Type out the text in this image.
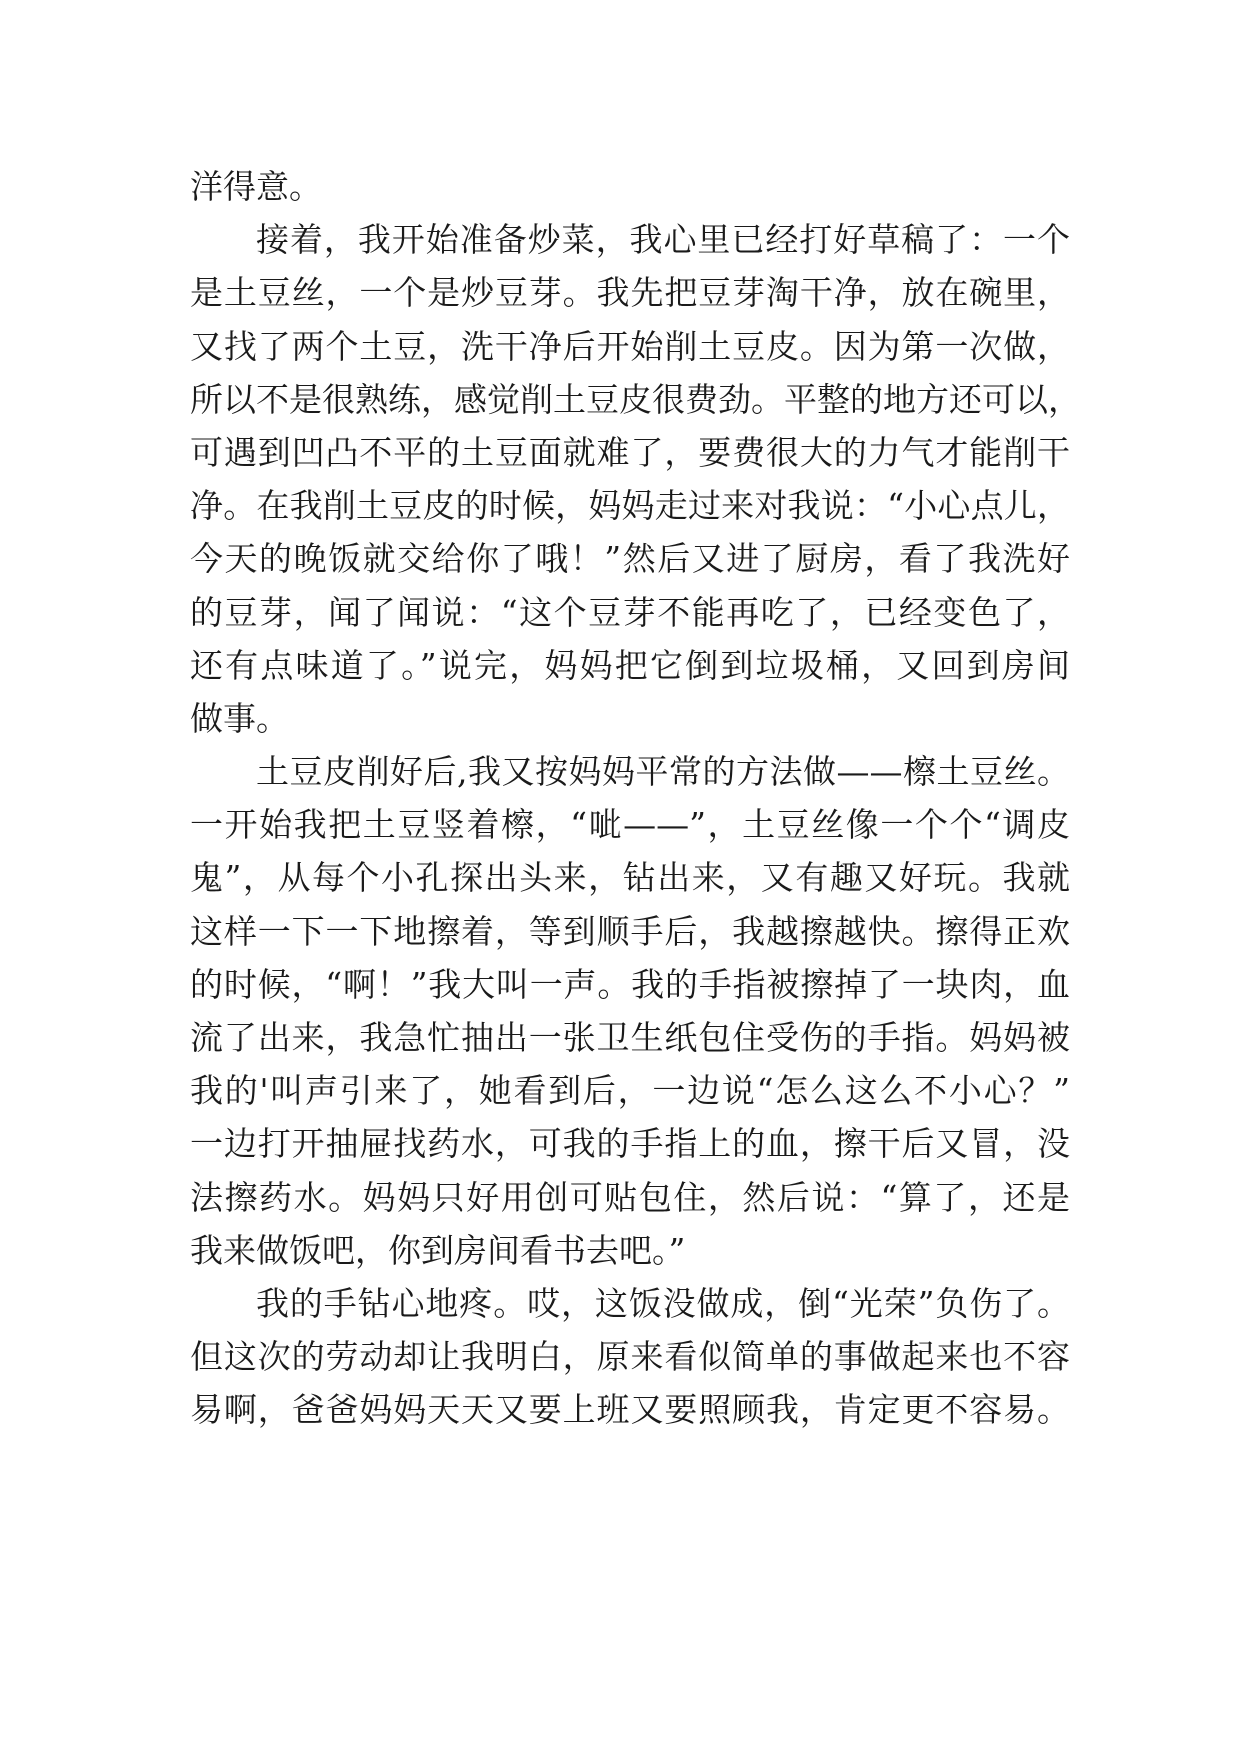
洋得意。
接着，我开始准备炒菜，我心里已经打好草稿了：一个
是土豆丝，一个是炒豆芽。我先把豆芽淘干净，放在碗里，
又找了两个土豆，洗干净后开始削土豆皮。因为第一次做，
所以不是很熟练，感觉削土豆皮很费劲。平整的地方还可以，
可遇到凹凸不平的土豆面就难了，要费很大的力气才能削干
净。在我削土豆皮的时候，妈妈走过来对我说：“小心点儿，
今天的晚饭就交给你了哦！”然后又进了厨房，看了我洗好
的豆芽，闻了闻说：“这个豆芽不能再吃了，已经变色了，
还有点味道了。”说完，妈妈把它倒到垃圾桶，又回到房间
做事。
土豆皮削好后,我又按妈妈平常的方法做——檫土豆丝。
一开始我把土豆竖着檫，“呲——”，土豆丝像一个个“调皮
鬼”，从每个小孔探出头来，钻出来，又有趣又好玩。我就
这样一下一下地擦着，等到顺手后，我越擦越快。擦得正欢
的时候，“啊！”我大叫一声。我的手指被擦掉了一块肉，血
流了出来，我急忙抽出一张卫生纸包住受伤的手指。妈妈被
我的'叫声引来了，她看到后，一边说“怎么这么不小心？”
一边打开抽屉找药水，可我的手指上的血，擦干后又冒，没
法擦药水。妈妈只好用创可贴包住，然后说：“算了，还是
我来做饭吧，你到房间看书去吧。”
我的手钻心地疼。哎，这饭没做成，倒“光荣”负伤了。
但这次的劳动却让我明白，原来看似简单的事做起来也不容
易啊，爸爸妈妈天天又要上班又要照顾我，肯定更不容易。
